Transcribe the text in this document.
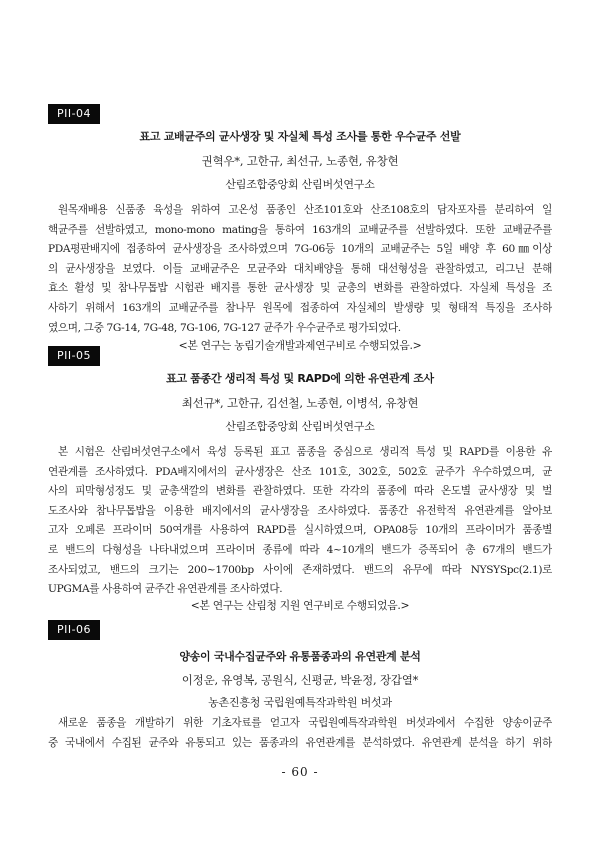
PII-04
표고 교배균주의 균사생장 및 자실체 특성 조사를 통한 우수균주 선발
권혁우*, 고한규, 최선규, 노종현, 유창현
산림조합중앙회 산림버섯연구소
원목재배용 신품종 육성을 위하여 고온성 품종인 산조101호와 산조108호의 담자포자를 분리하여 일
핵균주를 선발하였고, mono-mono mating을 통하여 163개의 교배균주를 선발하였다. 또한 교배균주를
PDA평판배지에 접종하여 균사생장을 조사하였으며 7G-06등 10개의 교배균주는 5일 배양 후 60㎜이상
의 균사생장을 보였다. 이들 교배균주은 모균주와 대치배양을 통해 대선형성을 관찰하였고, 리그닌 분해
효소 활성 및 참나무톱밥 시험관 배지를 통한 균사생장 및 균총의 변화를 관찰하였다. 자실체 특성을 조
사하기 위해서 163개의 교배균주를 참나무 원목에 접종하여 자실체의 발생량 및 형태적 특징을 조사하
였으며, 그중 7G-14, 7G-48, 7G-106, 7G-127 균주가 우수균주로 평가되었다.
<본 연구는 농림기술개발과제연구비로 수행되었음.>
PII-05
표고 품종간 생리적 특성 및 RAPD에 의한 유연관계 조사
최선규*, 고한규, 김선철, 노종현, 이병석, 유창현
산림조합중앙회 산림버섯연구소
본 시험은 산림버섯연구소에서 육성 등록된 표고 품종을 중심으로 생리적 특성 및 RAPD를 이용한 유
연관계를 조사하였다. PDA배지에서의 균사생장은 산조 101호, 302호, 502호 균주가 우수하였으며, 균
사의 피막형성정도 및 균총색깔의 변화를 관찰하였다. 또한 각각의 품종에 따라 온도별 균사생장 및 벌
도조사와 참나무톱밥을 이용한 배지에서의 균사생장을 조사하였다. 품종간 유전학적 유연관계를 알아보
고자 오페론 프라이머 50여개를 사용하여 RAPD를 실시하였으며, OPA08등 10개의 프라이머가 품종별
로 밴드의 다형성을 나타내었으며 프라이머 종류에 따라 4~10개의 밴드가 증폭되어 총 67개의 밴드가
조사되었고, 밴드의 크기는 200~1700bp 사이에 존재하였다. 밴드의 유무에 따라 NYSYSpc(2.1)로
UPGMA를 사용하여 균주간 유연관계를 조사하였다.
<본 연구는 산림청 지원 연구비로 수행되었음.>
PII-06
양송이 국내수집균주와 유통품종과의 유연관계 분석
이정운, 유영복, 공원식, 신평균, 박윤정, 장갑열*
농촌진흥청 국립원예특작과학원 버섯과
새로운 품종을 개발하기 위한 기초자료를 얻고자 국립원예특작과학원 버섯과에서 수집한 양송이균주
중 국내에서 수집된 균주와 유통되고 있는 품종과의 유연관계를 분석하였다. 유연관계 분석을 하기 위하
- 60 -
